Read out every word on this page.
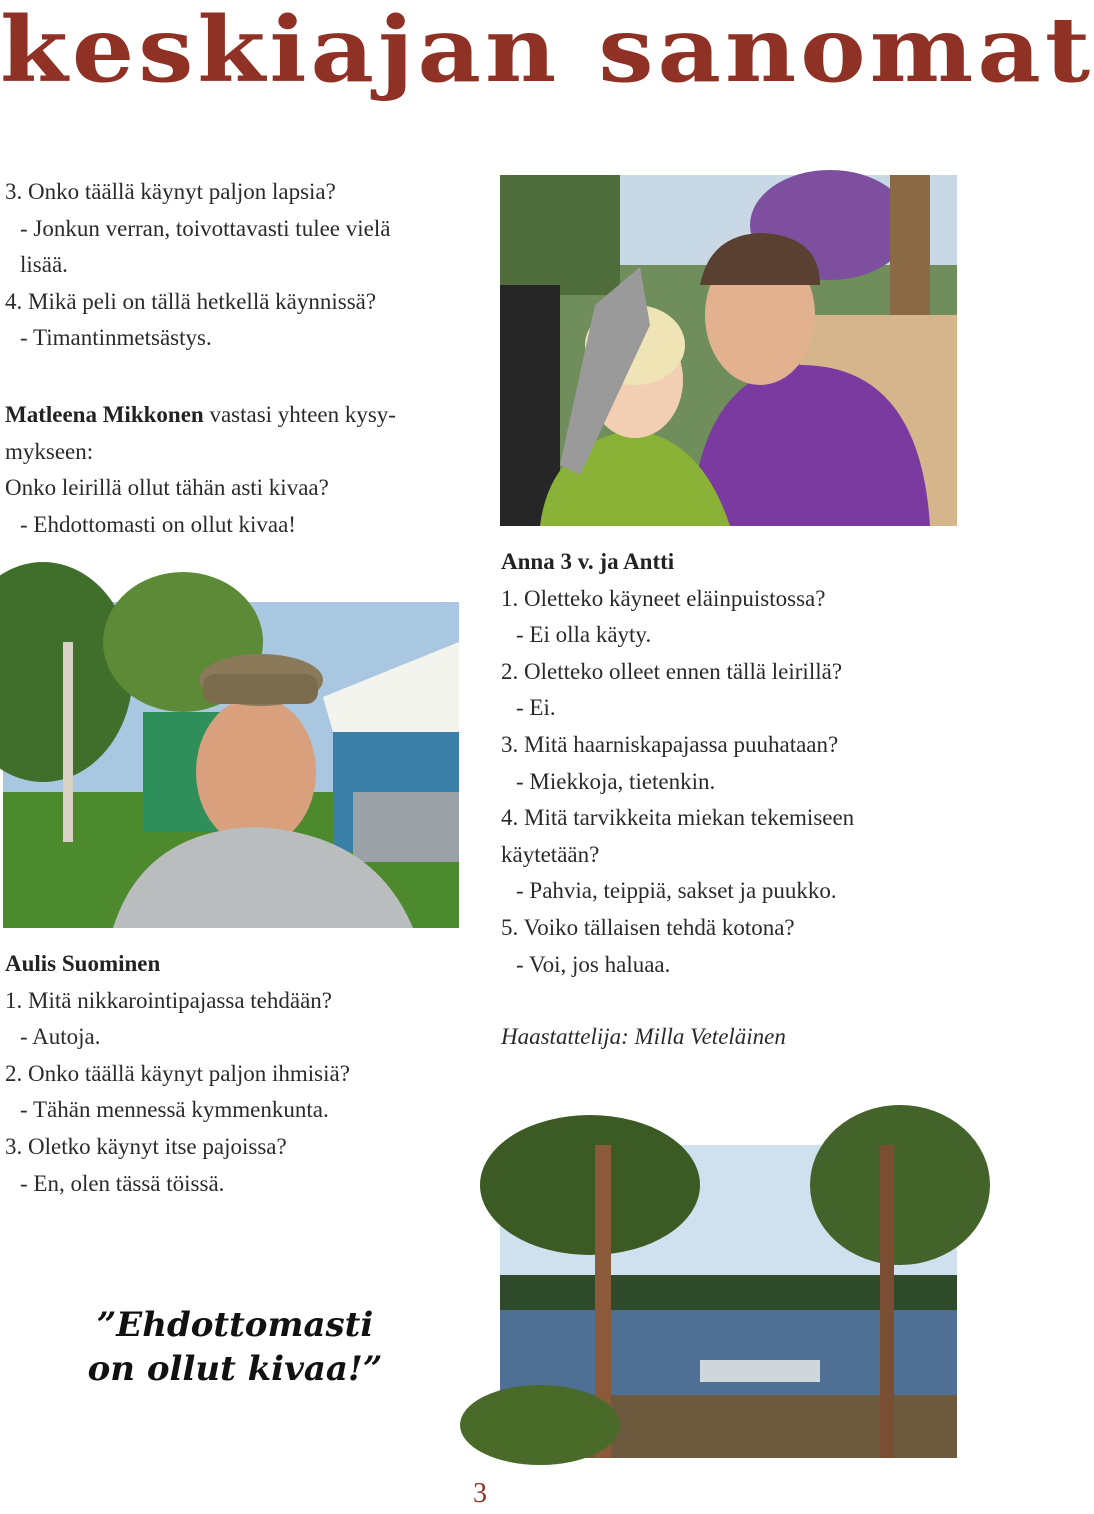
keskiajan sanomat

3. Onko täällä käynyt paljon lapsia?

- Jonkun verran, toivottavasti tulee vielä

lisää.

4. Mikä peli on tällä hetkellä käynnissä?

- Timantinmetsästys.

Matleena Mikkonen vastasi yhteen kysy-

mykseen:

Onko leirillä ollut tähän asti kivaa?

- Ehdottomasti on ollut kivaa!

Aulis Suominen

1. Mitä nikkarointipajassa tehdään?

- Autoja.

2. Onko täällä käynyt paljon ihmisiä?

- Tähän mennessä kymmenkunta.

3. Oletko käynyt itse pajoissa?

- En, olen tässä töissä.

Anna 3 v. ja Antti

1. Oletteko käyneet eläinpuistossa?

- Ei olla käyty.

2. Oletteko olleet ennen tällä leirillä?

- Ei.

3. Mitä haarniskapajassa puuhataan?

- Miekkoja, tietenkin.

4. Mitä tarvikkeita miekan tekemiseen

käytetään?

- Pahvia, teippiä, sakset ja puukko.

5. Voiko tällaisen tehdä kotona?

- Voi, jos haluaa.

Haastattelija: Milla Veteläinen

”Ehdottomasti
on ollut kivaa!”
3
